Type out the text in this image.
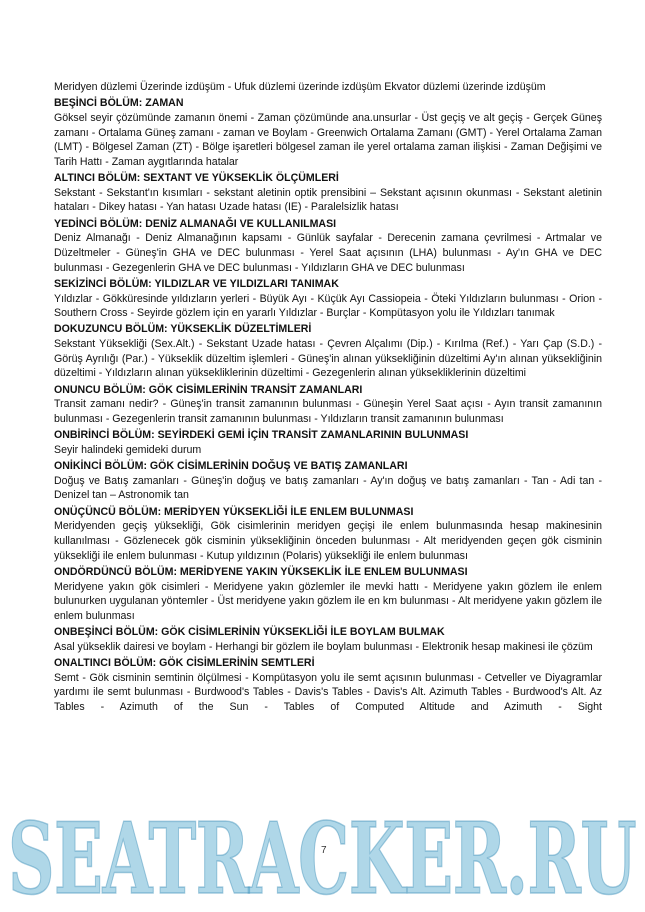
Meridyen düzlemi Üzerinde izdüşüm - Ufuk düzlemi üzerinde izdüşüm Ekvator düzlemi üzerinde izdüşüm

BEŞİNCİ BÖLÜM: ZAMAN

Göksel seyir çözümünde zamanın önemi - Zaman çözümünde ana.unsurlar - Üst geçiş ve alt geçiş - Gerçek Güneş zamanı - Ortalama Güneş zamanı - zaman ve Boylam - Greenwich Ortalama Zamanı (GMT) - Yerel Ortalama Zaman (LMT) - Bölgesel Zaman (ZT) - Bölge işaretleri bölgesel zaman ile yerel ortalama zaman ilişkisi - Zaman Değişimi ve Tarih Hattı - Zaman aygıtlarında hatalar

ALTINCI BÖLÜM: SEXTANT VE YÜKSEKLİK ÖLÇÜMLERİ

Sekstant - Sekstant'ın kısımları - sekstant aletinin optik prensibini – Sekstant açısının okunması - Sekstant aletinin hataları - Dikey hatası - Yan hatası Uzade hatası (IE) - Paralelsizlik hatası

YEDİNCİ BÖLÜM: DENİZ ALMANAĞI VE KULLANILMASI

Deniz Almanağı - Deniz Almanağının kapsamı - Günlük sayfalar - Derecenin zamana çevrilmesi - Artmalar ve Düzeltmeler - Güneş'in GHA ve DEC bulunması - Yerel Saat açısının (LHA) bulunması - Ay'ın GHA ve DEC bulunması - Gezegenlerin GHA ve DEC bulunması - Yıldızların GHA ve DEC bulunması

SEKİZİNCİ BÖLÜM: YILDIZLAR VE YILDIZLARI TANIMAK

Yıldızlar - Gökküresinde yıldızların yerleri - Büyük Ayı - Küçük Ayı Cassiopeia - Öteki Yıldızların bulunması - Orion - Southern Cross - Seyirde gözlem için en yararlı Yıldızlar - Burçlar - Kompütasyon yolu ile Yıldızları tanımak

DOKUZUNCU BÖLÜM: YÜKSEKLİK DÜZELTİMLERİ

Sekstant Yüksekliği (Sex.Alt.) - Sekstant Uzade hatası - Çevren Alçalımı (Dip.) - Kırılma (Ref.) - Yarı Çap (S.D.) - Görüş Ayrılığı (Par.) - Yükseklik düzeltim işlemleri - Güneş'in alınan yüksekliğinin düzeltimi Ay'ın alınan yüksekliğinin düzeltimi - Yıldızların alınan yüksekliklerinin düzeltimi - Gezegenlerin alınan yüksekliklerinin düzeltimi

ONUNCU BÖLÜM: GÖK CİSİMLERİNİN TRANSİT ZAMANLARI

Transit zamanı nedir? - Güneş'in transit zamanının bulunması - Güneşin Yerel Saat açısı - Ayın transit zamanının bulunması - Gezegenlerin transit zamanının bulunması - Yıldızların transit zamanının bulunması

ONBİRİNCİ BÖLÜM: SEYİRDEKİ GEMİ İÇİN TRANSİT ZAMANLARININ BULUNMASI

Seyir halindeki gemideki durum

ONİKİNCİ BÖLÜM: GÖK CİSİMLERİNİN DOĞUŞ VE BATIŞ ZAMANLARI

Doğuş ve Batış zamanları - Güneş'in doğuş ve batış zamanları - Ay'ın doğuş ve batış zamanları - Tan - Adi tan - Denizel tan – Astronomik tan

ONÜÇÜNCÜ BÖLÜM: MERİDYEN YÜKSEKLİĞİ İLE ENLEM BULUNMASI

Meridyenden geçiş yüksekliği, Gök cisimlerinin meridyen geçişi ile enlem bulunmasında hesap makinesinin kullanılması - Gözlenecek gök cisminin yüksekliğinin önceden bulunması - Alt meridyenden geçen gök cisminin yüksekliği ile enlem bulunması - Kutup yıldızının (Polaris) yüksekliği ile enlem bulunması

ONDÖRDÜNCÜ BÖLÜM: MERİDYENE YAKIN YÜKSEKLİK İLE ENLEM BULUNMASI

Meridyene yakın gök cisimleri - Meridyene yakın gözlemler ile mevki hattı - Meridyene yakın gözlem ile enlem bulunurken uygulanan yöntemler - Üst meridyene yakın gözlem ile en km bulunması - Alt meridyene yakın gözlem ile enlem bulunması

ONBEŞİNCİ BÖLÜM: GÖK CİSİMLERİNİN YÜKSEKLİĞİ İLE BOYLAM BULMAK

Asal yükseklik dairesi ve boylam - Herhangi bir gözlem ile boylam bulunması - Elektronik hesap makinesi ile çözüm

ONALTINCI BÖLÜM: GÖK CİSİMLERİNİN SEMTLERİ

Semt - Gök cisminin semtinin ölçülmesi - Kompütasyon yolu ile semt açısının bulunması - Cetveller ve Diyagramlar yardımı ile semt bulunması - Burdwood's Tables - Davis's Tables - Davis's Alt. Azimuth Tables - Burdwood's Alt. Az Tables - Azimuth of the Sun - Tables of Computed Altitude and Azimuth - Sight

7
SEATRACKER.RU
